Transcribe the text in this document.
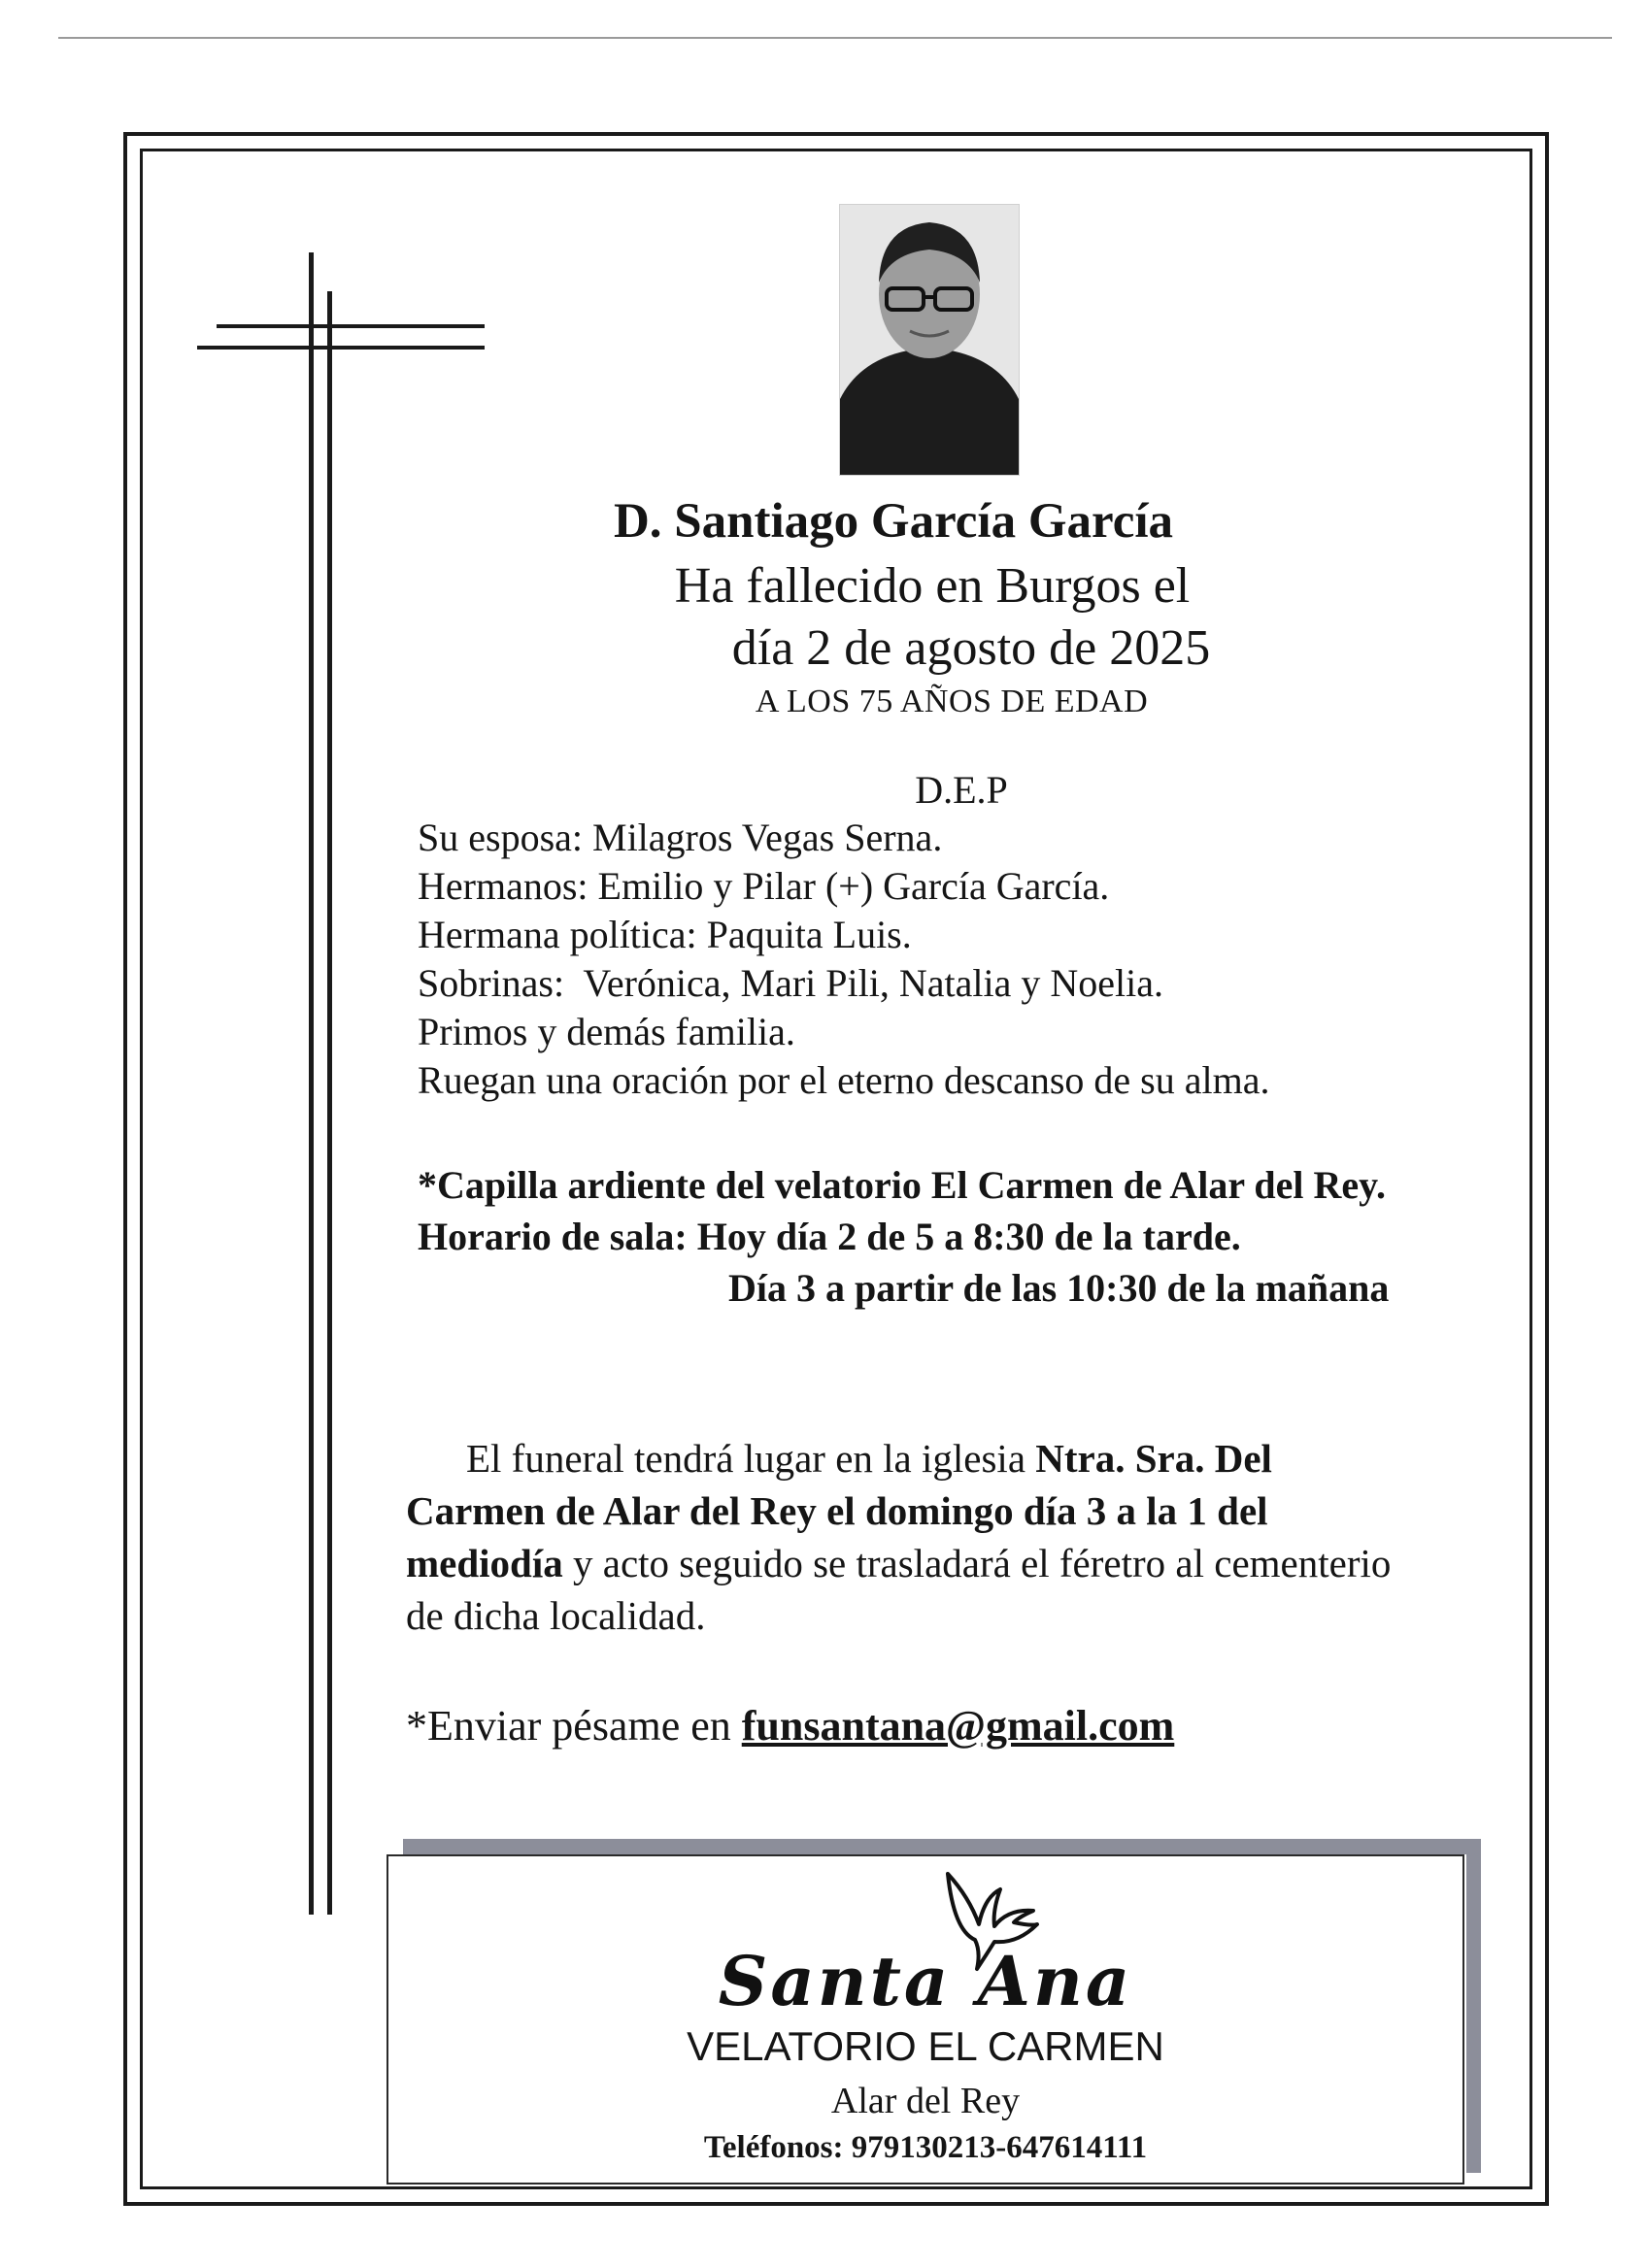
D. Santiago García García
Ha fallecido en Burgos el
día 2 de agosto de 2025
A LOS 75 AÑOS DE EDAD
D.E.P
Su esposa: Milagros Vegas Serna.
Hermanos: Emilio y Pilar (+) García García.
Hermana política: Paquita Luis.
Sobrinas:  Verónica, Mari Pili, Natalia y Noelia.
Primos y demás familia.
Ruegan una oración por el eterno descanso de su alma.
*Capilla ardiente del velatorio El Carmen de Alar del Rey.
Horario de sala: Hoy día 2 de 5 a 8:30 de la tarde.
Día 3 a partir de las 10:30 de la mañana
El funeral tendrá lugar en la iglesia Ntra. Sra. Del Carmen de Alar del Rey el domingo día 3 a la 1 del mediodía y acto seguido se trasladará el féretro al cementerio de dicha localidad.
*Enviar pésame en funsantana@gmail.com
Santa Ana
VELATORIO EL CARMEN
Alar del Rey
Teléfonos: 979130213-647614111
